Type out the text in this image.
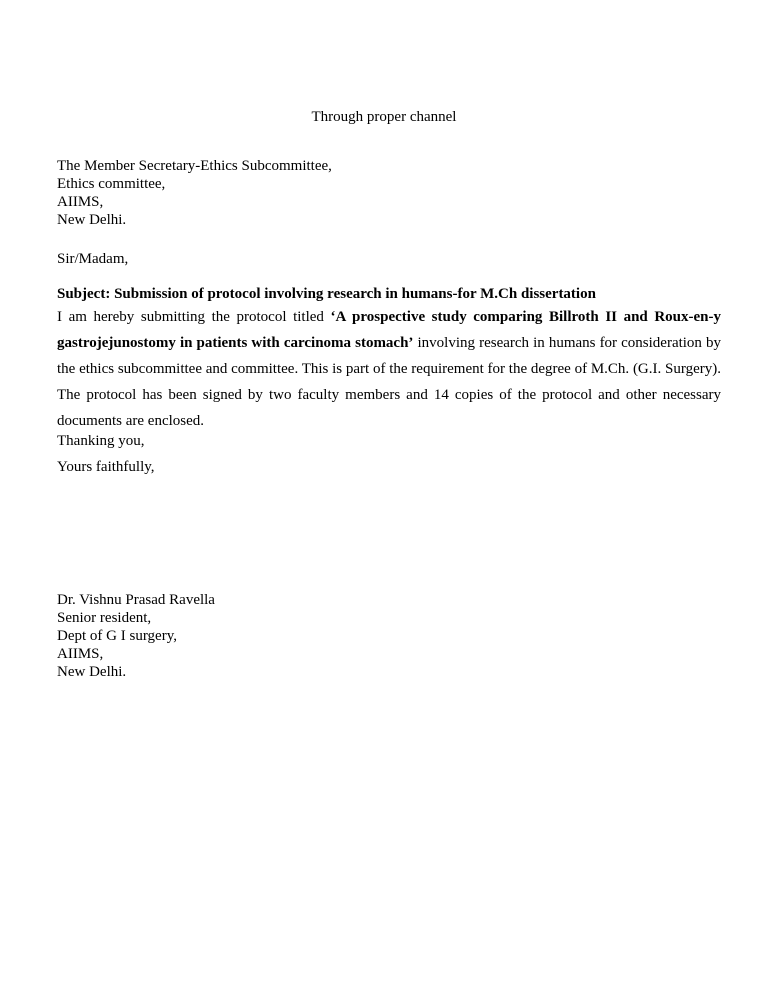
Through proper channel
The Member Secretary-Ethics Subcommittee,
Ethics committee,
AIIMS,
New Delhi.
Sir/Madam,
Subject: Submission of protocol involving research in humans-for M.Ch dissertation
I am hereby submitting the protocol titled ‘A prospective study comparing Billroth II and Roux-en-y gastrojejunostomy in patients with carcinoma stomach’ involving research in humans for consideration by the ethics subcommittee and committee. This is part of the requirement for the degree of M.Ch. (G.I. Surgery). The protocol has been signed by two faculty members and 14 copies of the protocol and other necessary documents are enclosed.
Thanking you,
Yours faithfully,
Dr. Vishnu Prasad Ravella
Senior resident,
Dept of G I surgery,
AIIMS,
New Delhi.
